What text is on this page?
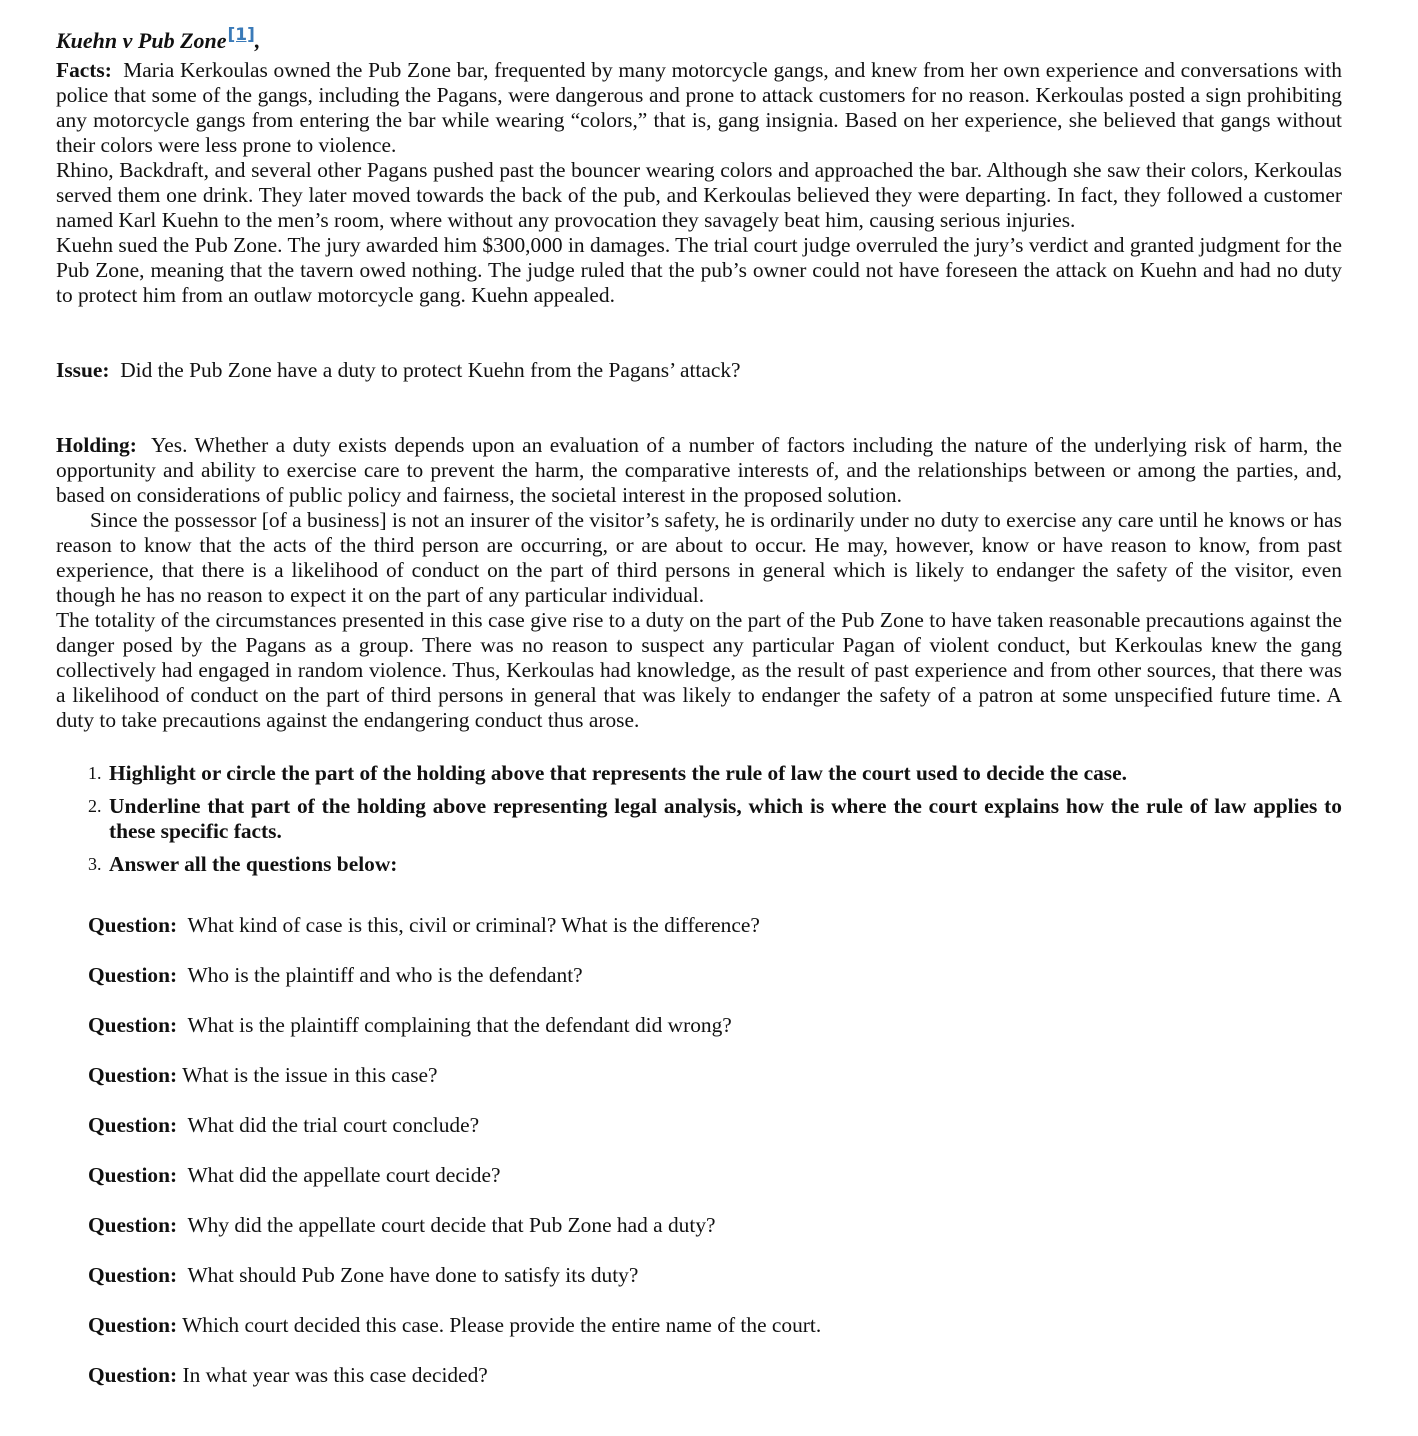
Kuehn v Pub Zone[1],

Facts: Maria Kerkoulas owned the Pub Zone bar, frequented by many motorcycle gangs, and knew from her own experience and conversations with police that some of the gangs, including the Pagans, were dangerous and prone to attack customers for no reason. Kerkoulas posted a sign prohibiting any motorcycle gangs from entering the bar while wearing “colors,” that is, gang insignia. Based on her experience, she believed that gangs without their colors were less prone to violence.

Rhino, Backdraft, and several other Pagans pushed past the bouncer wearing colors and approached the bar. Although she saw their colors, Kerkoulas served them one drink. They later moved towards the back of the pub, and Kerkoulas believed they were departing. In fact, they followed a customer named Karl Kuehn to the men’s room, where without any provocation they savagely beat him, causing serious injuries.

Kuehn sued the Pub Zone. The jury awarded him $300,000 in damages. The trial court judge overruled the jury’s verdict and granted judgment for the Pub Zone, meaning that the tavern owed nothing. The judge ruled that the pub’s owner could not have foreseen the attack on Kuehn and had no duty to protect him from an outlaw motorcycle gang. Kuehn appealed.

Issue: Did the Pub Zone have a duty to protect Kuehn from the Pagans’ attack?

Holding: Yes. Whether a duty exists depends upon an evaluation of a number of factors including the nature of the underlying risk of harm, the opportunity and ability to exercise care to prevent the harm, the comparative interests of, and the relationships between or among the parties, and, based on considerations of public policy and fairness, the societal interest in the proposed solution.

Since the possessor [of a business] is not an insurer of the visitor’s safety, he is ordinarily under no duty to exercise any care until he knows or has reason to know that the acts of the third person are occurring, or are about to occur. He may, however, know or have reason to know, from past experience, that there is a likelihood of conduct on the part of third persons in general which is likely to endanger the safety of the visitor, even though he has no reason to expect it on the part of any particular individual.

The totality of the circumstances presented in this case give rise to a duty on the part of the Pub Zone to have taken reasonable precautions against the danger posed by the Pagans as a group. There was no reason to suspect any particular Pagan of violent conduct, but Kerkoulas knew the gang collectively had engaged in random violence. Thus, Kerkoulas had knowledge, as the result of past experience and from other sources, that there was a likelihood of conduct on the part of third persons in general that was likely to endanger the safety of a patron at some unspecified future time. A duty to take precautions against the endangering conduct thus arose.

1. Highlight or circle the part of the holding above that represents the rule of law the court used to decide the case.
2. Underline that part of the holding above representing legal analysis, which is where the court explains how the rule of law applies to these specific facts.
3. Answer all the questions below:

Question: What kind of case is this, civil or criminal? What is the difference?

Question: Who is the plaintiff and who is the defendant?

Question: What is the plaintiff complaining that the defendant did wrong?

Question: What is the issue in this case?

Question: What did the trial court conclude?

Question: What did the appellate court decide?

Question: Why did the appellate court decide that Pub Zone had a duty?

Question: What should Pub Zone have done to satisfy its duty?

Question: Which court decided this case. Please provide the entire name of the court.

Question: In what year was this case decided?
